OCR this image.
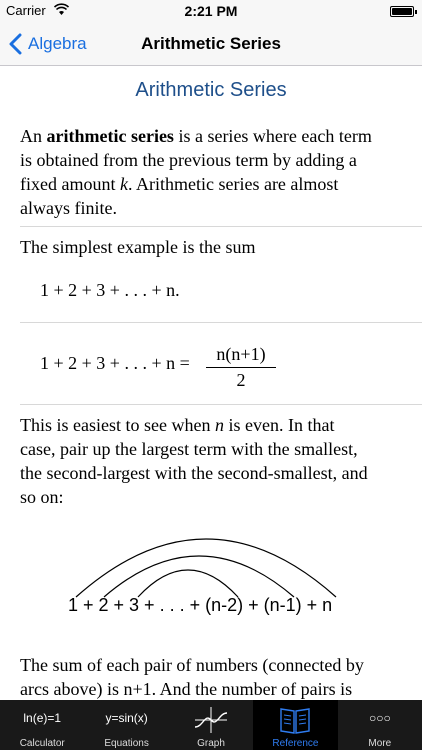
Carrier	2:21 PM
Algebra	Arithmetic Series
Arithmetic Series
An arithmetic series is a series where each term
is obtained from the previous term by adding a
fixed amount k. Arithmetic series are almost
always finite.
The simplest example is the sum
1 + 2 + 3 + . . . + n.
1 + 2 + 3 + . . . + n =	n(n+1)
2
This is easiest to see when n is even. In that
case, pair up the largest term with the smallest,
the second-largest with the second-smallest, and
so on:
1 + 2 + 3 + . . . + (n-2) + (n-1) + n
The sum of each pair of numbers (connected by
arcs above) is n+1. And the number of pairs is
ln(e)=1
Calculator
y=sin(x)
Equations	Graph	Reference
○○○
More
